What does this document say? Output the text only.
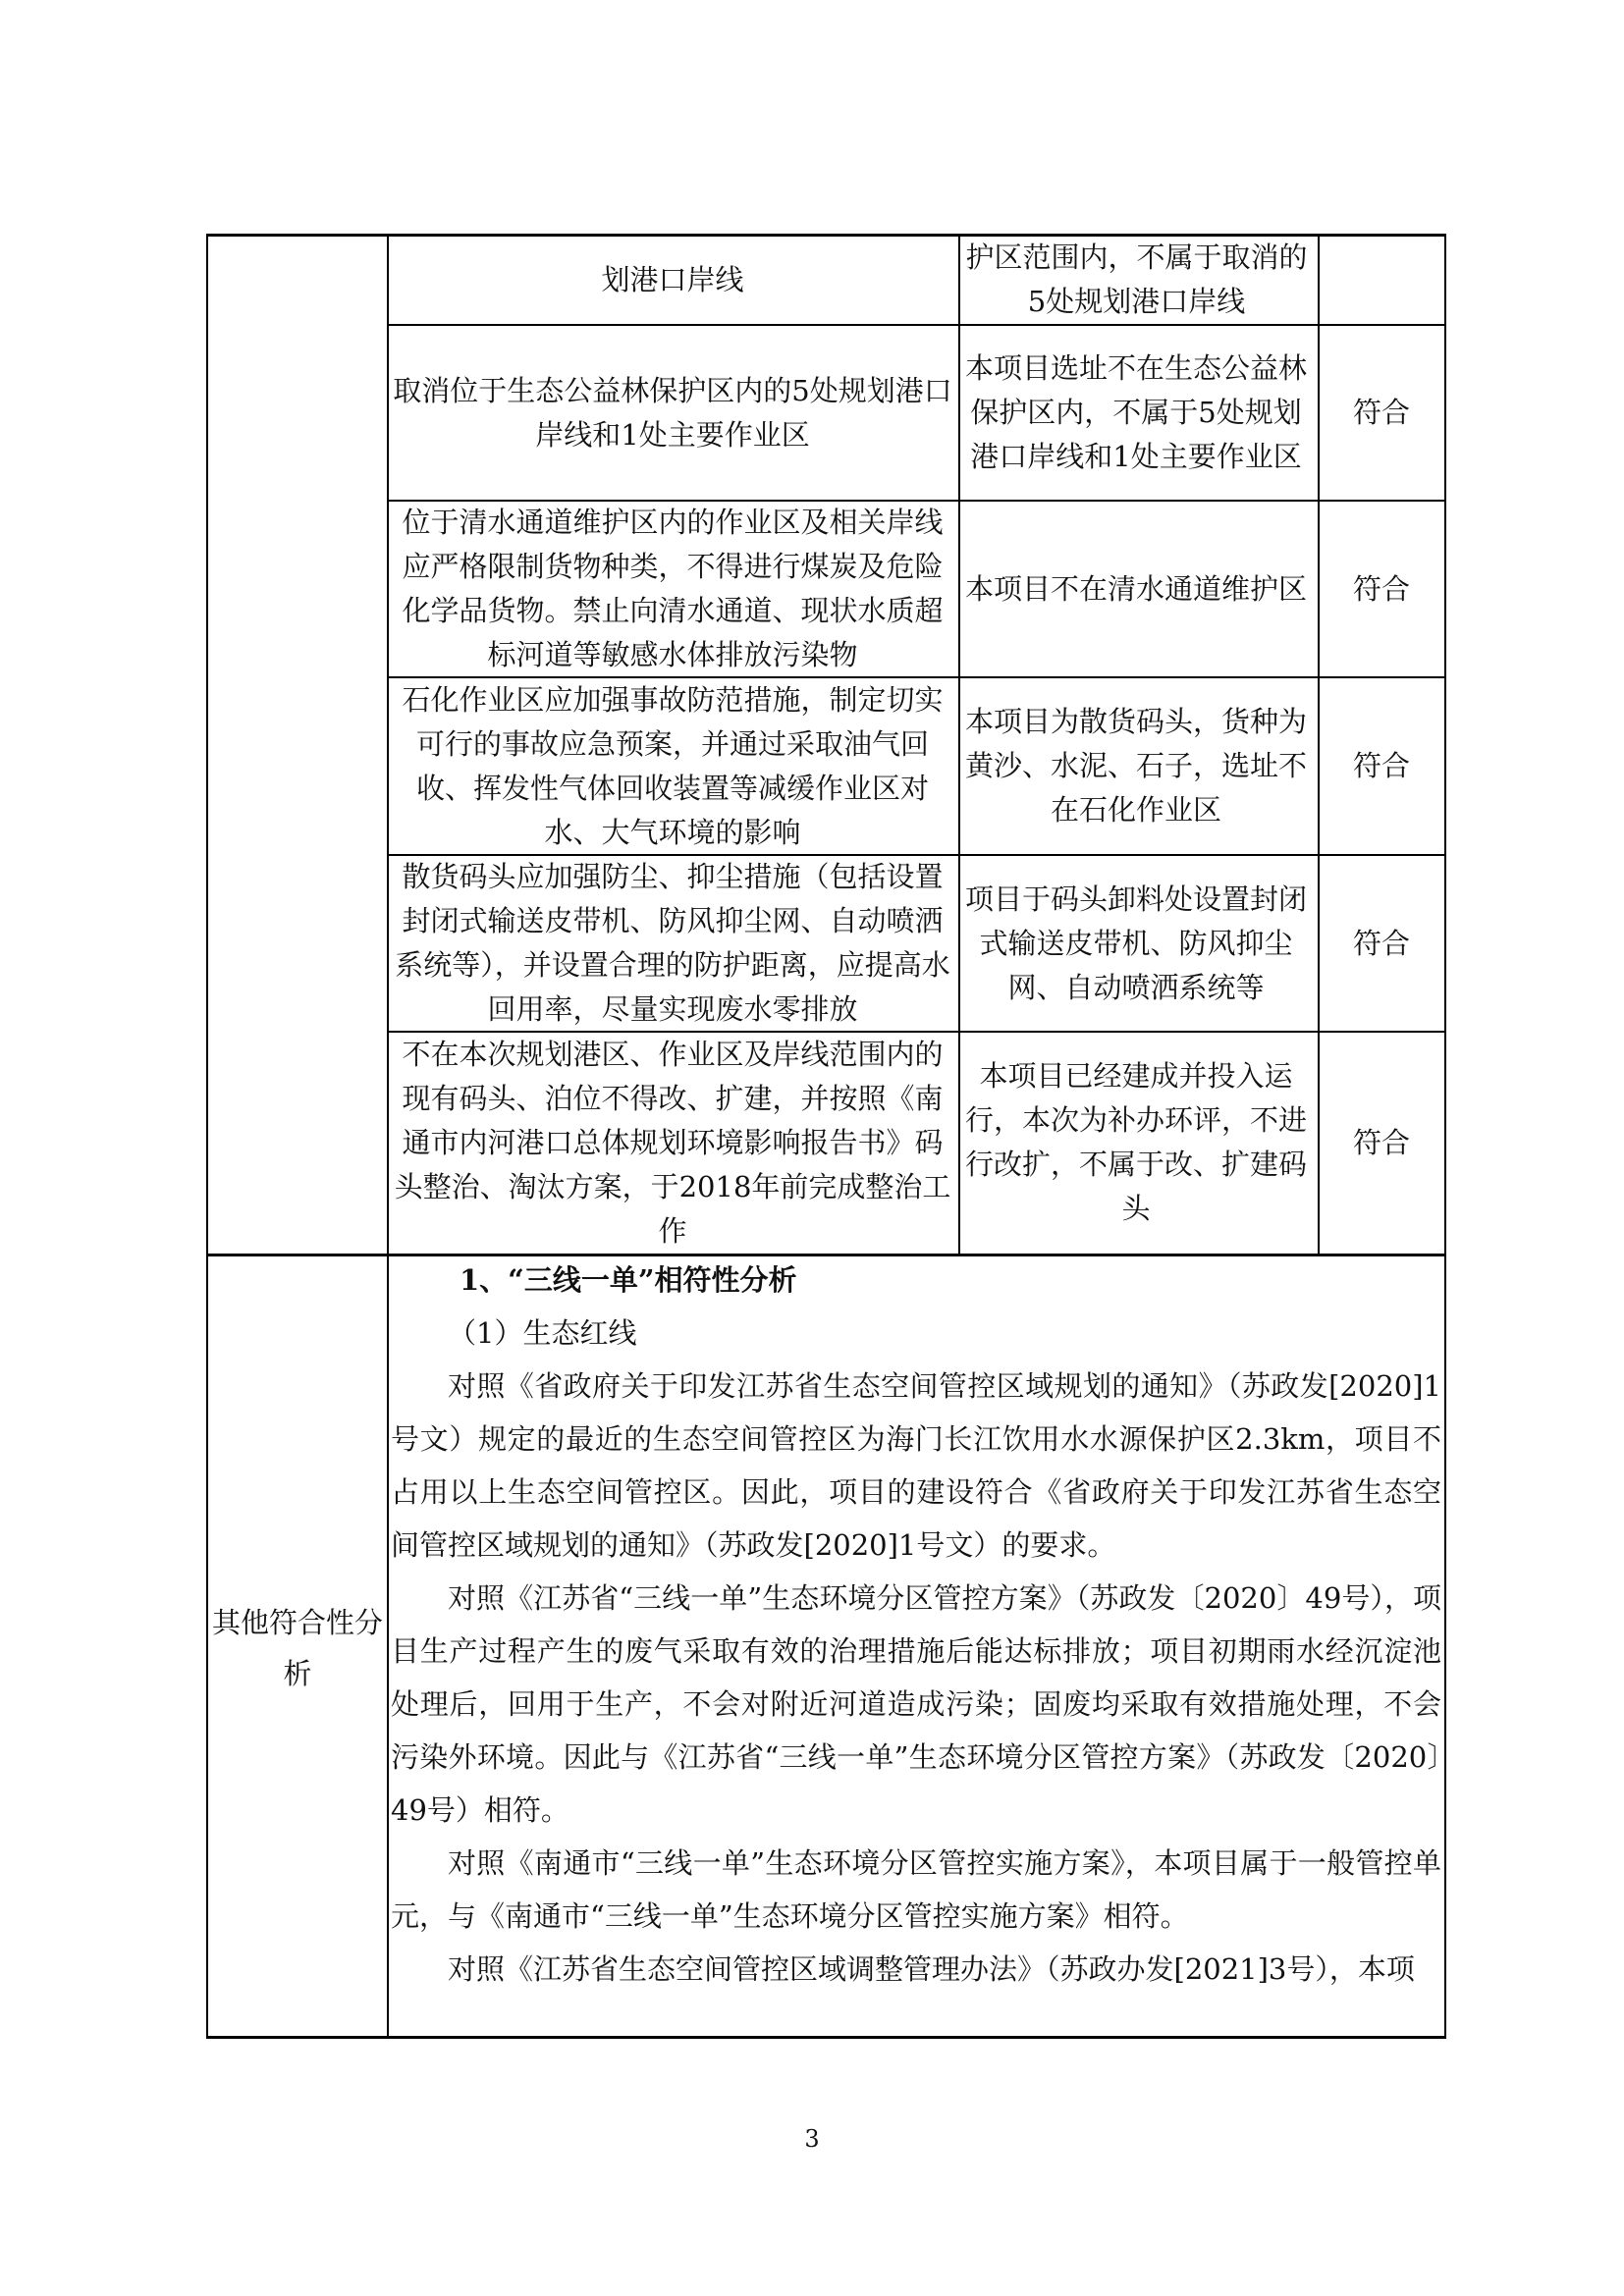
划港口岸线
护区范围内，不属于取消的5处规划港口岸线
取消位于生态公益林保护区内的5处规划港口岸线和1处主要作业区
本项目选址不在生态公益林保护区内，不属于5处规划港口岸线和1处主要作业区
符合
位于清水通道维护区内的作业区及相关岸线应严格限制货物种类，不得进行煤炭及危险化学品货物。禁止向清水通道、现状水质超标河道等敏感水体排放污染物
本项目不在清水通道维护区 符合
石化作业区应加强事故防范措施，制定切实可行的事故应急预案，并通过采取油气回收、挥发性气体回收装置等减缓作业区对水、大气环境的影响
本项目为散货码头，货种为黄沙、水泥、石子，选址不在石化作业区
符合
散货码头应加强防尘、抑尘措施（包括设置封闭式输送皮带机、防风抑尘网、自动喷洒系统等），并设置合理的防护距离，应提高水回用率，尽量实现废水零排放
项目于码头卸料处设置封闭式输送皮带机、防风抑尘网、自动喷洒系统等
符合
不在本次规划港区、作业区及岸线范围内的现有码头、泊位不得改、扩建，并按照《南通市内河港口总体规划环境影响报告书》码头整治、淘汰方案，于2018年前完成整治工作
本项目已经建成并投入运行，本次为补办环评，不进行改扩，不属于改、扩建码头
符合
其他符合性分析

1、“三线一单”相符性分析

（1）生态红线

对照《省政府关于印发江苏省生态空间管控区域规划的通知》（苏政发[2020]1号文）规定的最近的生态空间管控区为海门长江饮用水水源保护区2.3km，项目不占用以上生态空间管控区。因此，项目的建设符合《省政府关于印发江苏省生态空间管控区域规划的通知》（苏政发[2020]1号文）的要求。

对照《江苏省“三线一单”生态环境分区管控方案》（苏政发〔2020〕49号），项目生产过程产生的废气采取有效的治理措施后能达标排放；项目初期雨水经沉淀池处理后，回用于生产，不会对附近河道造成污染；固废均采取有效措施处理，不会污染外环境。因此与《江苏省“三线一单”生态环境分区管控方案》（苏政发〔2020〕49号）相符。

对照《南通市“三线一单”生态环境分区管控实施方案》，本项目属于一般管控单元，与《南通市“三线一单”生态环境分区管控实施方案》相符。

对照《江苏省生态空间管控区域调整管理办法》（苏政办发[2021]3号），本项

3
